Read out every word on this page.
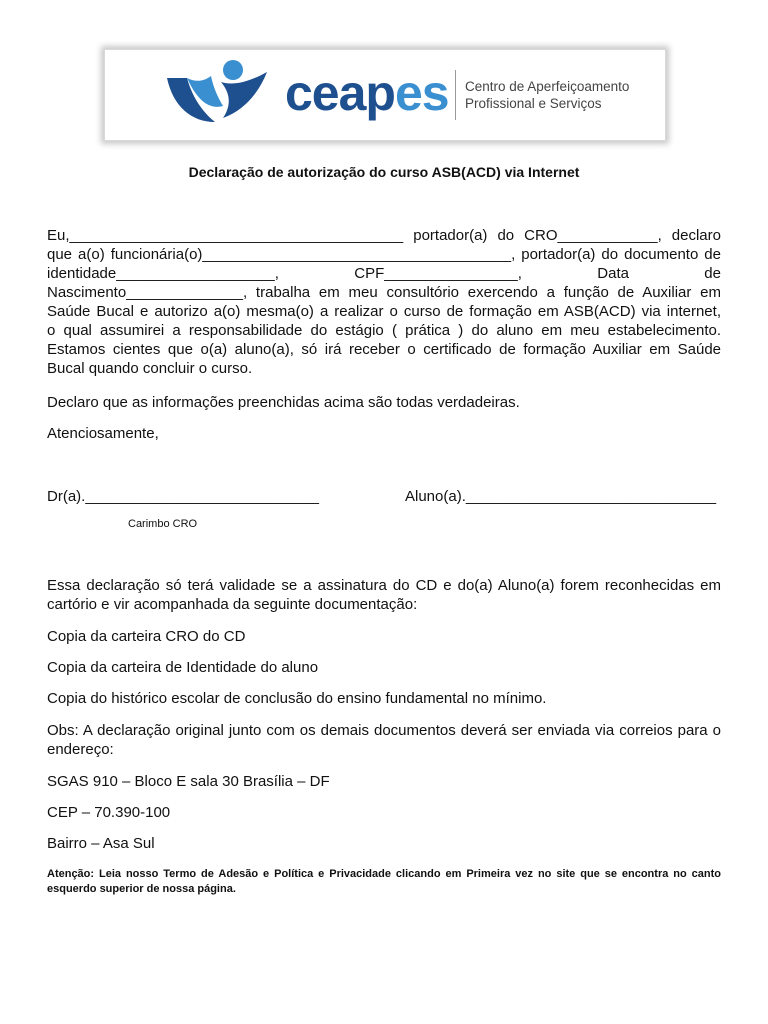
ceapes Centro de Aperfeiçoamento
Profissional e Serviços
Declaração de autorização do curso ASB(ACD) via Internet
Eu,________________________________________ portador(a) do CRO____________, declaro
que a(o) funcionária(o)_____________________________________, portador(a) do documento de
identidade___________________, CPF________________, Data de
Nascimento______________, trabalha em meu consultório exercendo a função de Auxiliar em
Saúde Bucal e autorizo a(o) mesma(o) a realizar o curso de formação em ASB(ACD) via internet,
o qual assumirei a responsabilidade do estágio ( prática ) do aluno em meu estabelecimento.
Estamos cientes que o(a) aluno(a), só irá receber o certificado de formação Auxiliar em Saúde
Bucal quando concluir o curso.
Declaro que as informações preenchidas acima são todas verdadeiras.
Atenciosamente,
Dr(a).____________________________	Aluno(a).______________________________
Carimbo CRO
Essa declaração só terá validade se a assinatura do CD e do(a) Aluno(a) forem reconhecidas em cartório e vir acompanhada da seguinte documentação:
Copia da carteira CRO do CD
Copia da carteira de Identidade do aluno
Copia do histórico escolar de conclusão do ensino fundamental no mínimo.
Obs: A declaração original junto com os demais documentos deverá ser enviada via correios para o endereço:
SGAS 910 – Bloco E sala 30 Brasília – DF
CEP – 70.390-100
Bairro – Asa Sul
Atenção: Leia nosso Termo de Adesão e Política e Privacidade clicando em Primeira vez no site que se encontra no canto esquerdo superior de nossa página.
